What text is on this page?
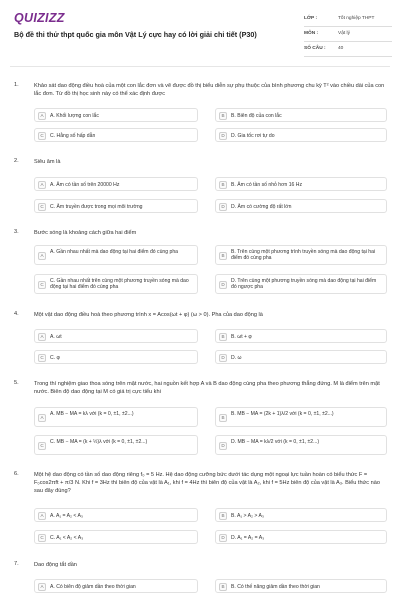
QUIZIZZ
Bộ đề thi thử thpt quốc gia môn Vật Lý cực hay có lời giải chi tiết (P30)
LỚP :	Tốt nghiệp THPT
MÔN :	Vật lý
SỐ CÂU :	40
1.	Khảo sát dao động điều hoà của một con lắc đơn và vẽ được đồ thị biểu diễn sự phụ thuộc của bình phương chu kỳ T² vào chiều dài của con lắc đơn. Từ đồ thị học sinh này có thể xác định được
A	A. Khối lượng con lắc	B	B. Biên độ của con lắc
C	C. Hằng số hấp dẫn	D	D. Gia tốc rơi tự do
2.	Siêu âm là
A	A. Âm có tần số trên 20000 Hz	B	B. Âm có tần số nhỏ hơn 16 Hz
C	C. Âm truyền được trong mọi môi trường	D	D. Âm có cường độ rất lớn
3.	Bước sóng là khoảng cách giữa hai điểm
A
A. Gần nhau nhất mà dao động tại hai điểm đó cùng pha
B
B. Trên cùng một phương trình truyền sóng mà dao động tại hai điểm đó cùng pha
C
C. Gần nhau nhất trên cùng một phương truyền sóng mà dao động tại hai điểm đó cùng pha	D
D. Trên cùng một phương truyền sóng mà dao động tại hai điểm đó ngược pha
4.	Một vật dao động điều hoà theo phương trình x = Acos(ωt + φ) (ω > 0). Pha của dao động là
A	A. ωt	B	B. ωt + φ
C	C. φ	D	D. ω
5.	Trong thí nghiệm giao thoa sóng trên mặt nước, hai nguồn kết hợp A và B dao động cùng pha theo phương thẳng đứng. M là điểm trên mặt nước. Biên độ dao động tại M có giá trị cực tiểu khi
A
A. MB − MA = kλ với (k = 0, ±1, ±2...)
B
B. MB − MA = (2k + 1)λ/2 với (k = 0, ±1, ±2...)
C
C. MB − MA = (k + ½)λ với (k = 0, ±1, ±2...)
D
D. MB − MA = kλ/2 với (k = 0, ±1, ±2...)
6.	Một hệ dao động có tần số dao động riêng f₀ = 5 Hz. Hệ dao động cưỡng bức dưới tác dụng một ngoại lực tuần hoàn có biểu thức F = F₀cos2πft + π/3 N. Khi f = 3Hz thì biên độ của vật là A₁, khi f = 4Hz thì biên độ của vật là A₂, khi f = 5Hz biên độ của vật là A₃. Biểu thức nào sau đây đúng?
A	A. A₁ = A₂ < A₃	B	B. A₁ > A₂ > A₃
C	C. A₁ < A₂ < A₃	D	D. A₁ = A₂ = A₃
7.	Dao động tắt dần
A	A. Có biên độ giảm dần theo thời gian	B	B. Có thế năng giảm dần theo thời gian
